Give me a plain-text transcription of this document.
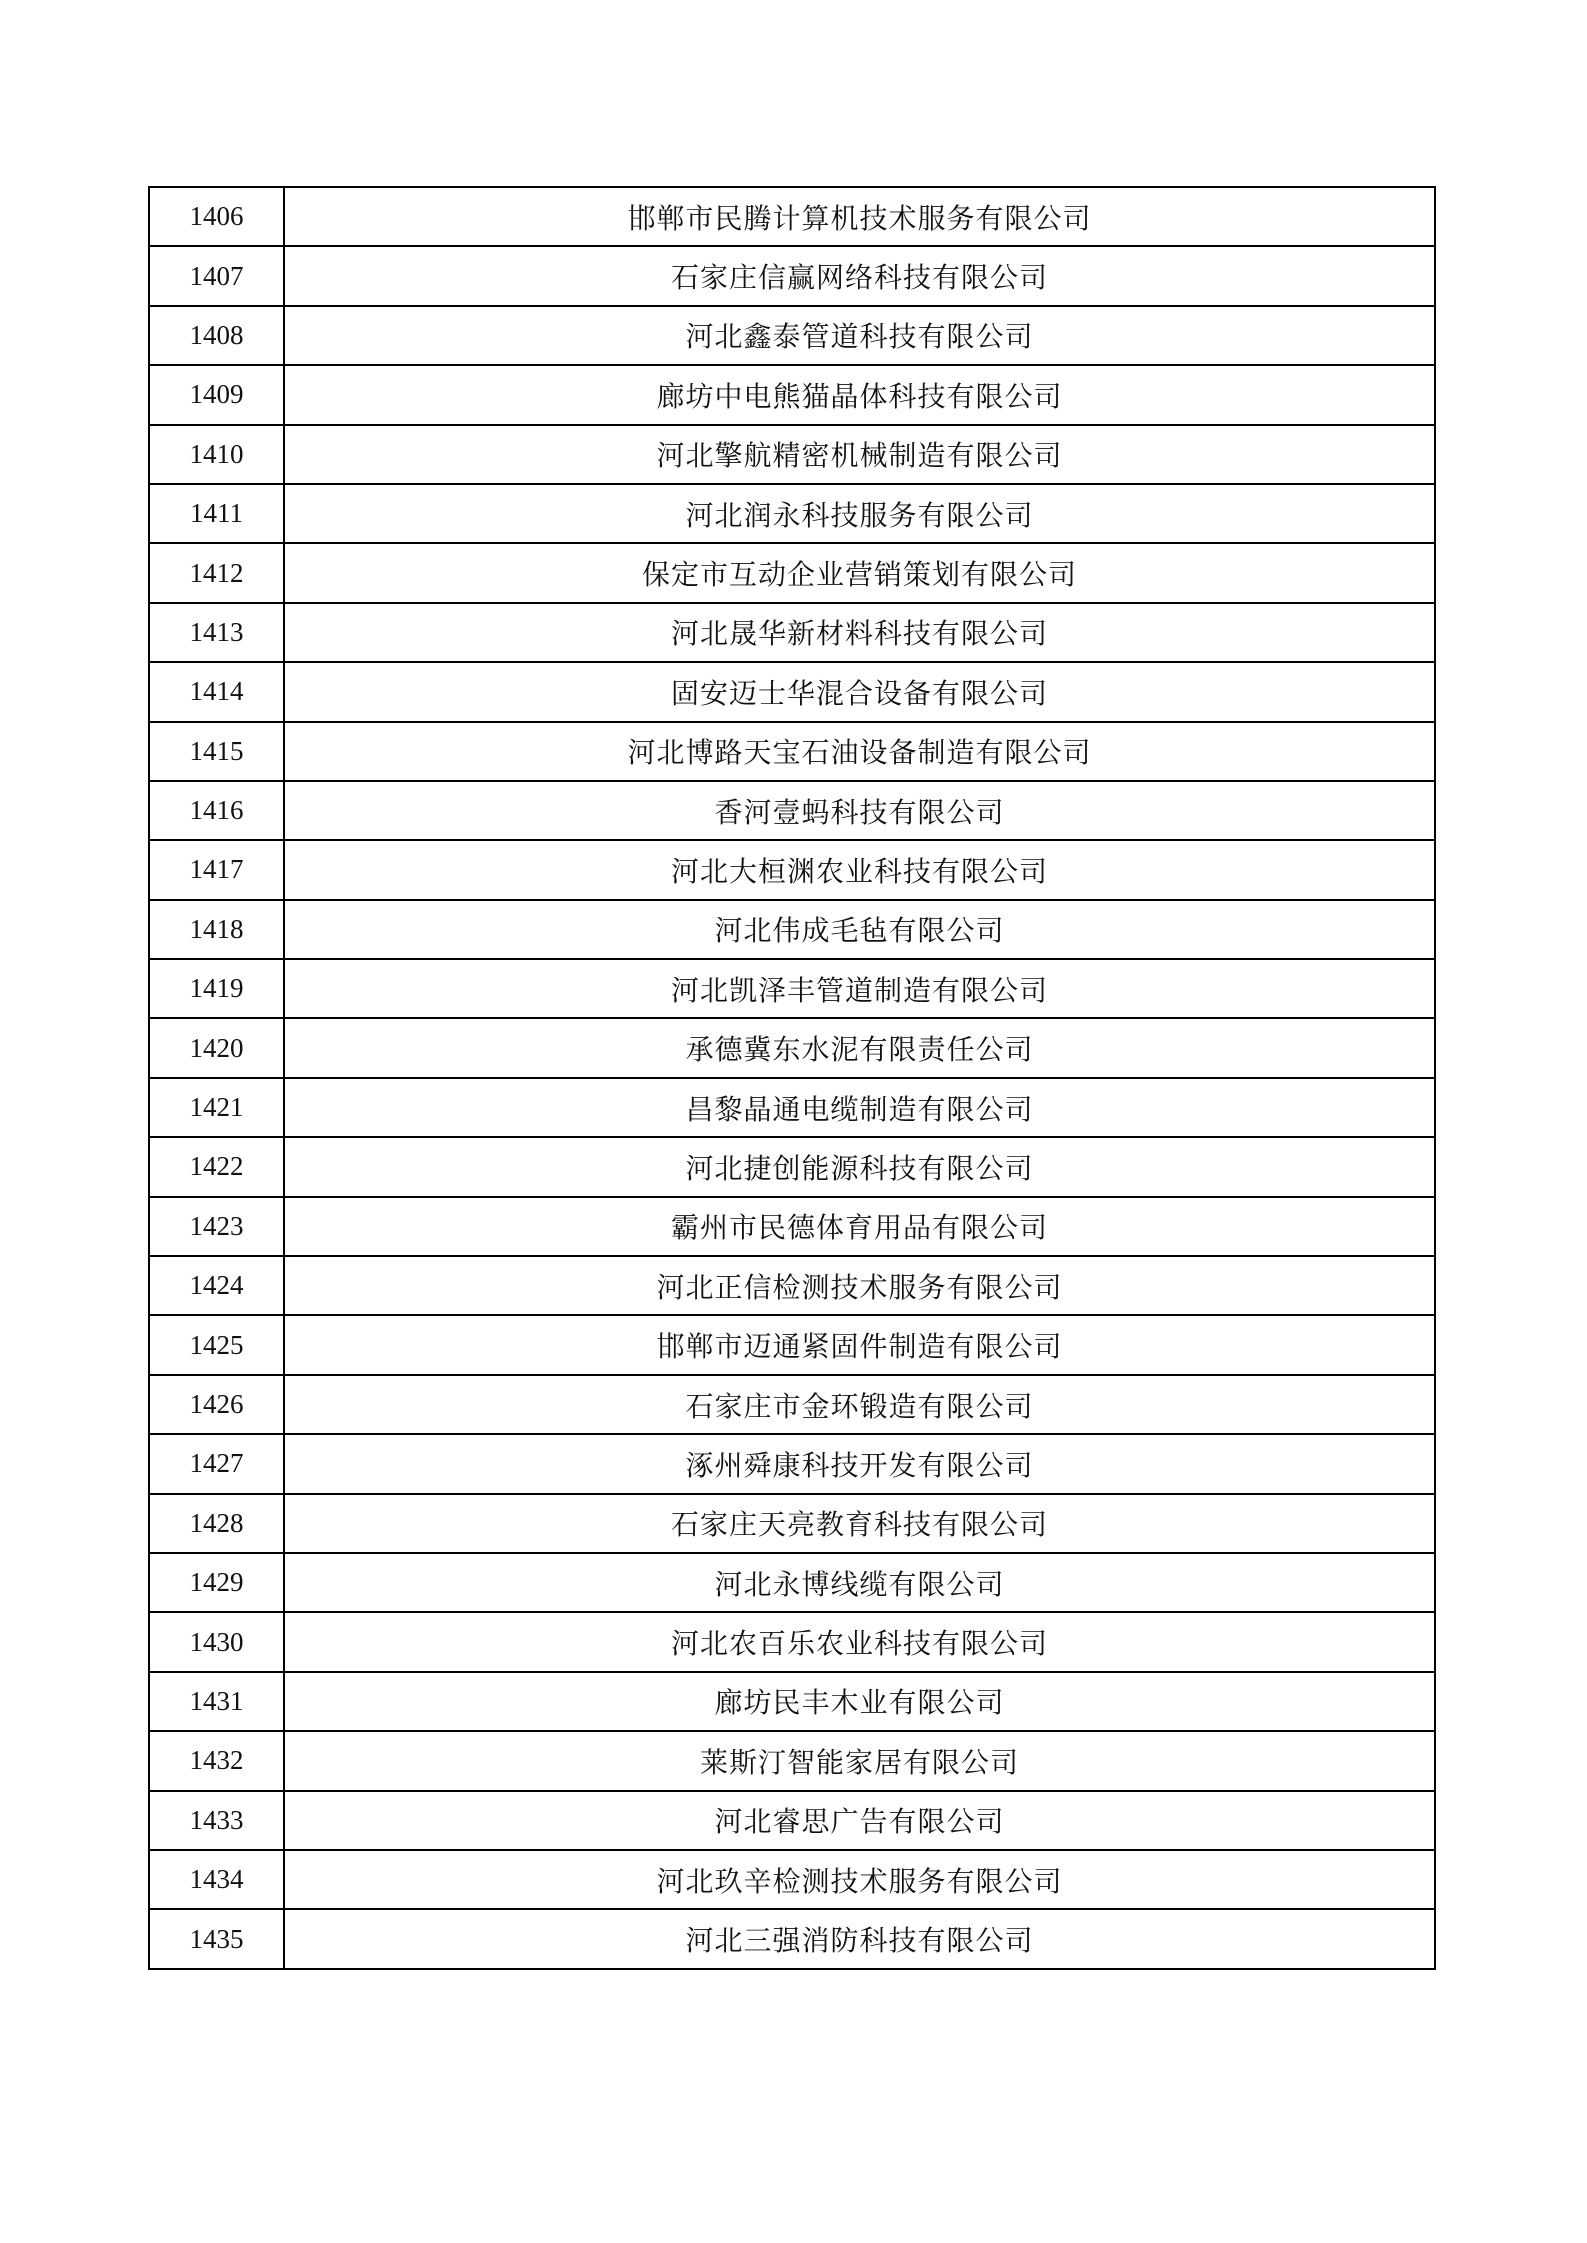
1406	邯郸市民腾计算机技术服务有限公司
1407	石家庄信赢网络科技有限公司
1408	河北鑫泰管道科技有限公司
1409	廊坊中电熊猫晶体科技有限公司
1410	河北擎航精密机械制造有限公司
1411	河北润永科技服务有限公司
1412	保定市互动企业营销策划有限公司
1413	河北晟华新材料科技有限公司
1414	固安迈士华混合设备有限公司
1415	河北博路天宝石油设备制造有限公司
1416	香河壹蚂科技有限公司
1417	河北大桓渊农业科技有限公司
1418	河北伟成毛毡有限公司
1419	河北凯泽丰管道制造有限公司
1420	承德冀东水泥有限责任公司
1421	昌黎晶通电缆制造有限公司
1422	河北捷创能源科技有限公司
1423	霸州市民德体育用品有限公司
1424	河北正信检测技术服务有限公司
1425	邯郸市迈通紧固件制造有限公司
1426	石家庄市金环锻造有限公司
1427	涿州舜康科技开发有限公司
1428	石家庄天亮教育科技有限公司
1429	河北永博线缆有限公司
1430	河北农百乐农业科技有限公司
1431	廊坊民丰木业有限公司
1432	莱斯汀智能家居有限公司
1433	河北睿思广告有限公司
1434	河北玖辛检测技术服务有限公司
1435	河北三强消防科技有限公司
